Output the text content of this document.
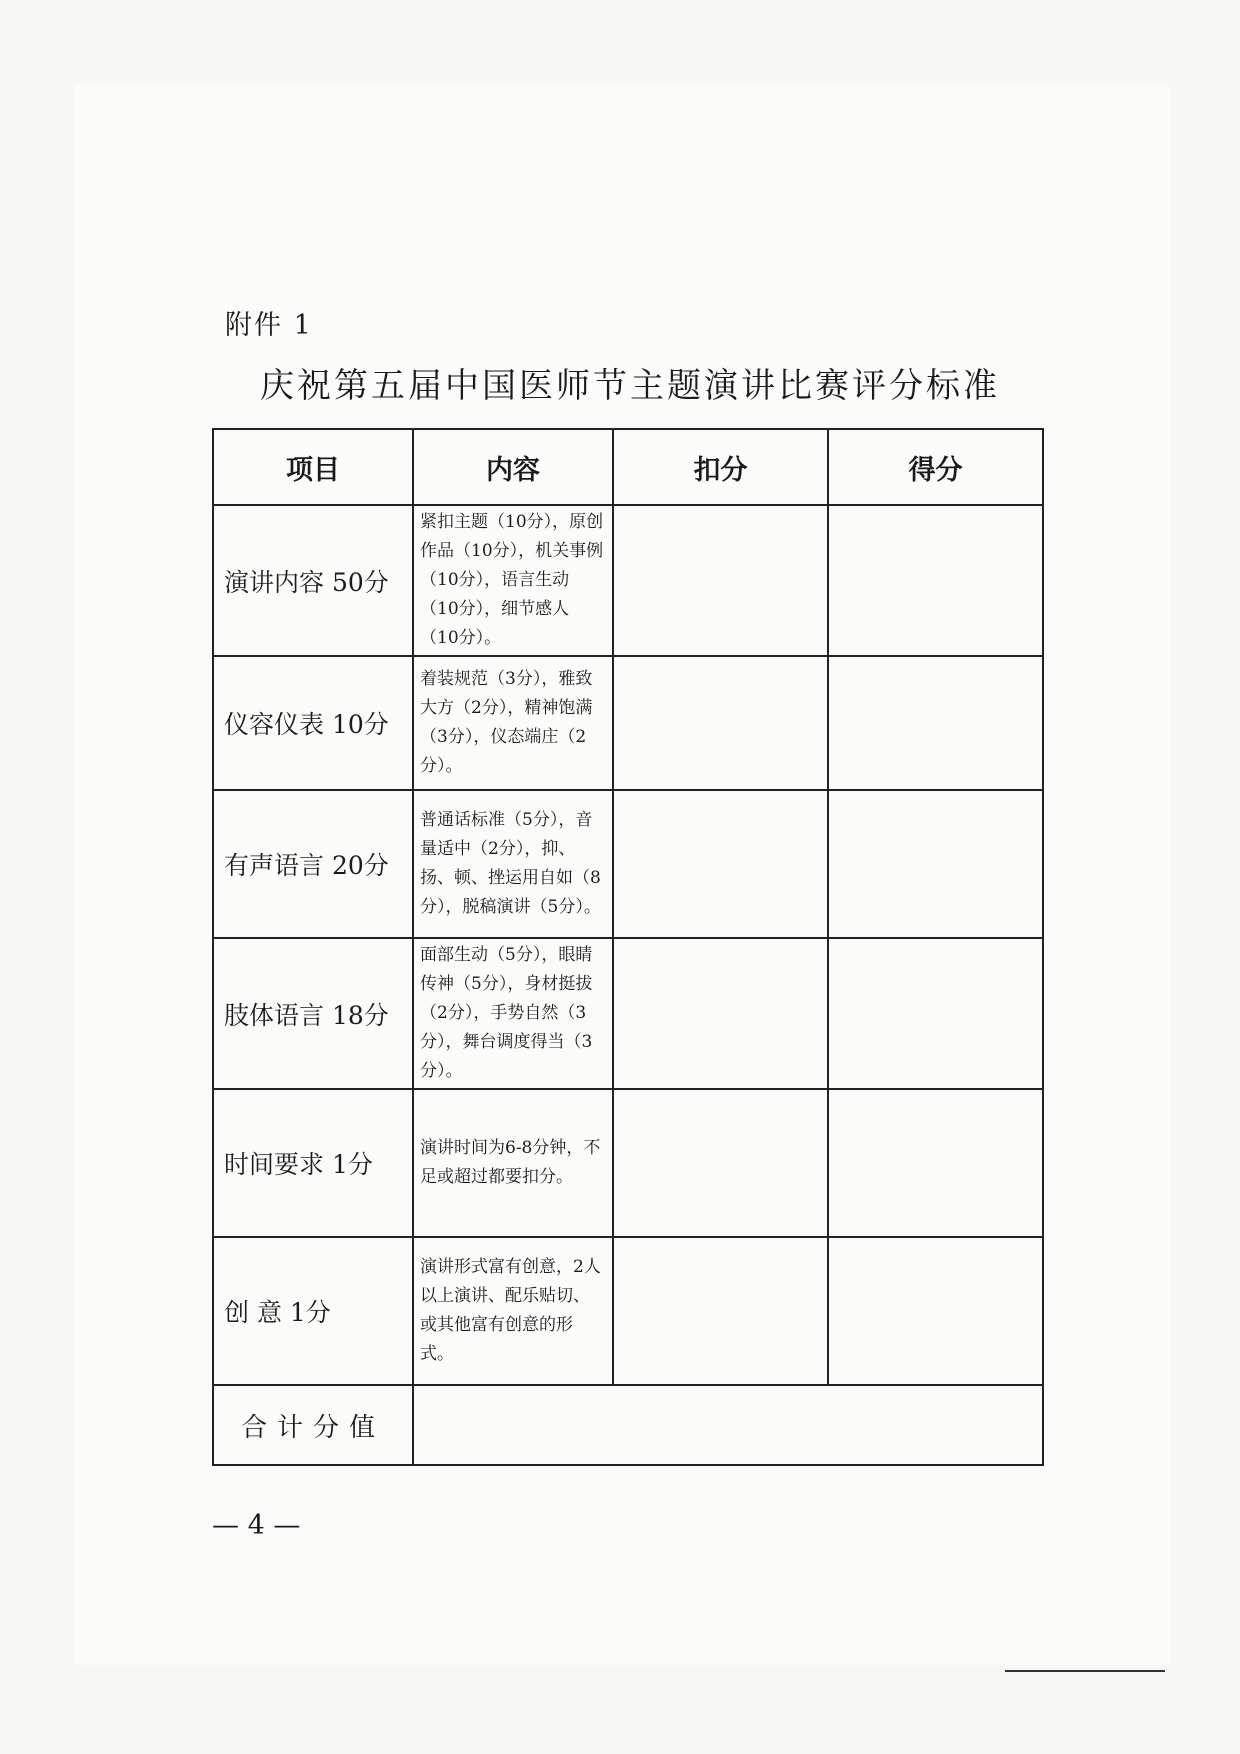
附件 1
庆祝第五届中国医师节主题演讲比赛评分标准
项目	内容	扣分	得分
演讲内容 50分	紧扣主题（10分），原创作品（10分），机关事例（10分），语言生动（10分），细节感人（10分）。		
仪容仪表 10分	着装规范（3分），雅致大方（2分），精神饱满（3分），仪态端庄（2分）。		
有声语言 20分	普通话标准（5分），音量适中（2分），抑、扬、顿、挫运用自如（8分），脱稿演讲（5分）。		
肢体语言 18分	面部生动（5分），眼睛传神（5分），身材挺拔（2分），手势自然（3分），舞台调度得当（3分）。		
时间要求 1分	演讲时间为6-8分钟，不足或超过都要扣分。		
创 意 1分	演讲形式富有创意，2人以上演讲、配乐贴切、或其他富有创意的形式。		
合计分值			
— 4 —
